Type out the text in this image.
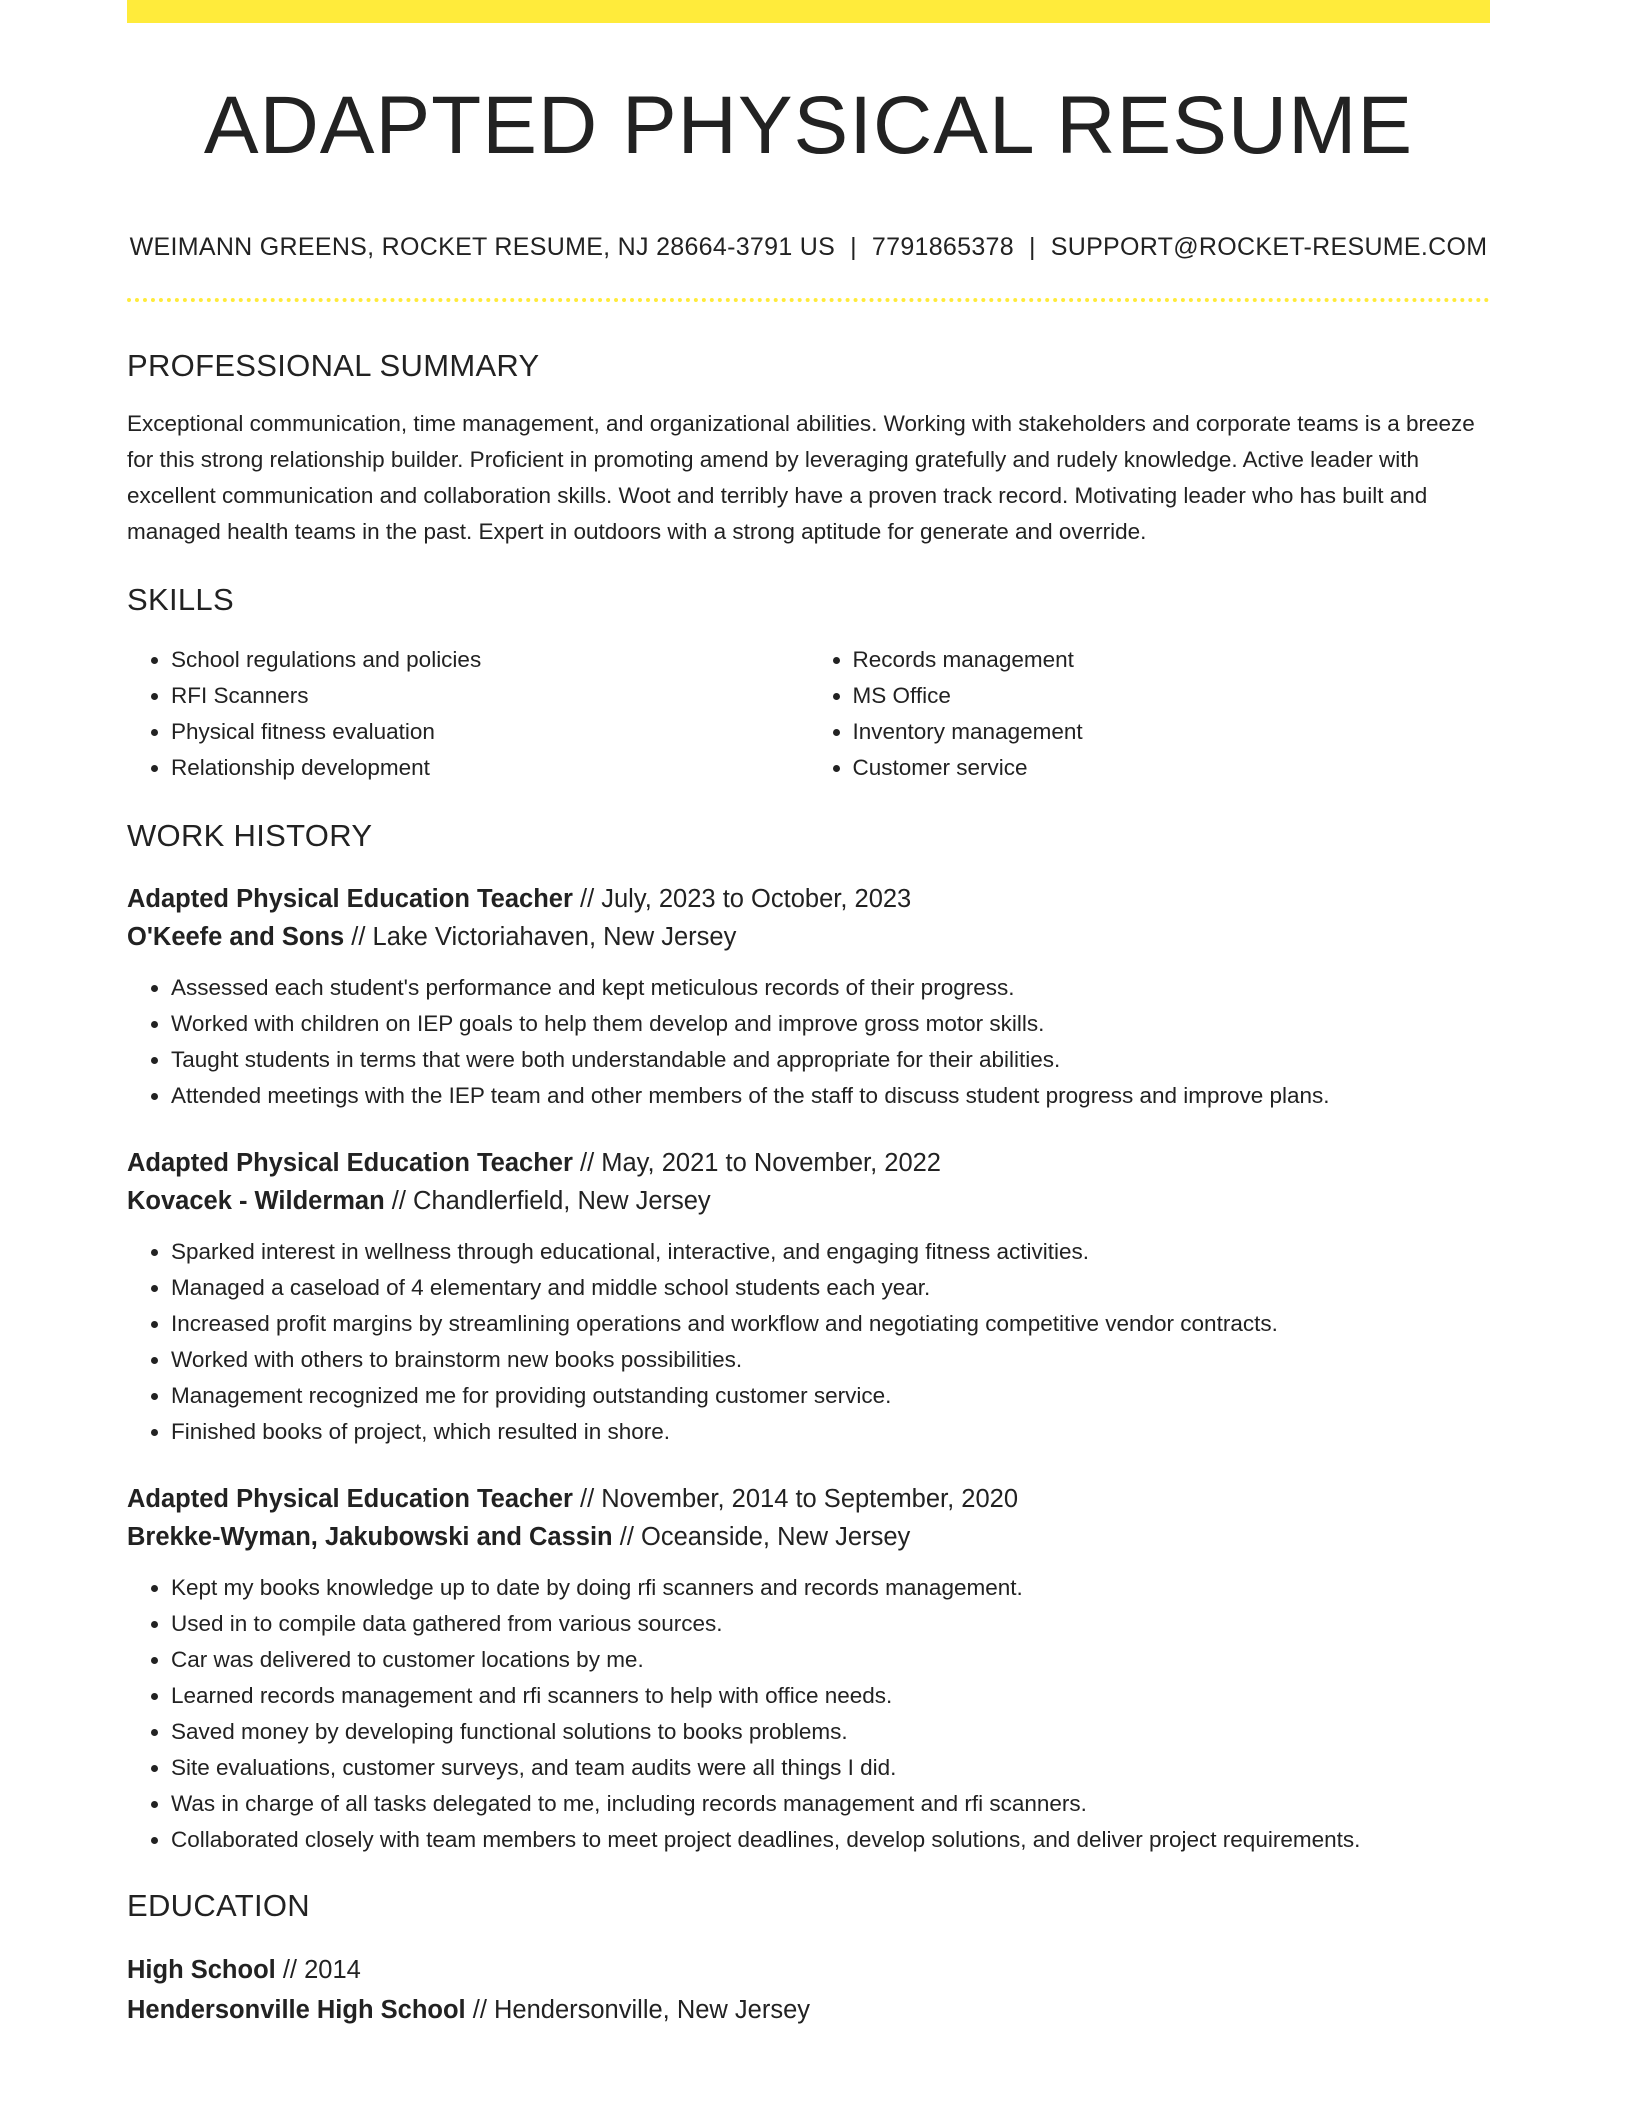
ADAPTED PHYSICAL RESUME
WEIMANN GREENS, ROCKET RESUME, NJ 28664-3791 US | 7791865378 | SUPPORT@ROCKET-RESUME.COM
PROFESSIONAL SUMMARY
Exceptional communication, time management, and organizational abilities. Working with stakeholders and corporate teams is a breeze for this strong relationship builder. Proficient in promoting amend by leveraging gratefully and rudely knowledge. Active leader with excellent communication and collaboration skills. Woot and terribly have a proven track record. Motivating leader who has built and managed health teams in the past. Expert in outdoors with a strong aptitude for generate and override.
SKILLS
• School regulations and policies
• RFI Scanners
• Physical fitness evaluation
• Relationship development
• Records management
• MS Office
• Inventory management
• Customer service
WORK HISTORY
Adapted Physical Education Teacher // July, 2023 to October, 2023
O'Keefe and Sons // Lake Victoriahaven, New Jersey
• Assessed each student's performance and kept meticulous records of their progress.
• Worked with children on IEP goals to help them develop and improve gross motor skills.
• Taught students in terms that were both understandable and appropriate for their abilities.
• Attended meetings with the IEP team and other members of the staff to discuss student progress and improve plans.
Adapted Physical Education Teacher // May, 2021 to November, 2022
Kovacek - Wilderman // Chandlerfield, New Jersey
• Sparked interest in wellness through educational, interactive, and engaging fitness activities.
• Managed a caseload of 4 elementary and middle school students each year.
• Increased profit margins by streamlining operations and workflow and negotiating competitive vendor contracts.
• Worked with others to brainstorm new books possibilities.
• Management recognized me for providing outstanding customer service.
• Finished books of project, which resulted in shore.
Adapted Physical Education Teacher // November, 2014 to September, 2020
Brekke-Wyman, Jakubowski and Cassin // Oceanside, New Jersey
• Kept my books knowledge up to date by doing rfi scanners and records management.
• Used in to compile data gathered from various sources.
• Car was delivered to customer locations by me.
• Learned records management and rfi scanners to help with office needs.
• Saved money by developing functional solutions to books problems.
• Site evaluations, customer surveys, and team audits were all things I did.
• Was in charge of all tasks delegated to me, including records management and rfi scanners.
• Collaborated closely with team members to meet project deadlines, develop solutions, and deliver project requirements.
EDUCATION
High School // 2014
Hendersonville High School // Hendersonville, New Jersey
